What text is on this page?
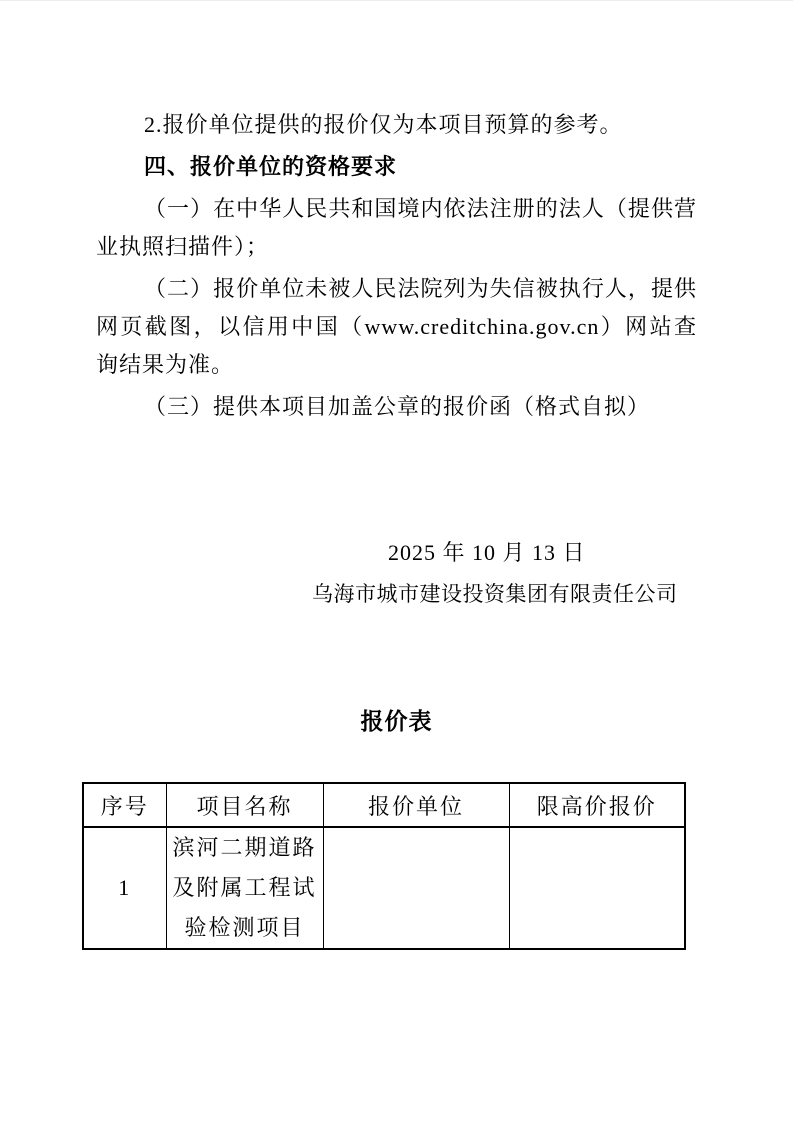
2.报价单位提供的报价仅为本项目预算的参考。

四、报价单位的资格要求

（一）在中华人民共和国境内依法注册的法人（提供营业执照扫描件）；

（二）报价单位未被人民法院列为失信被执行人，提供网页截图，以信用中国（www.creditchina.gov.cn）网站查询结果为准。

（三）提供本项目加盖公章的报价函（格式自拟）

2025 年 10 月 13 日
乌海市城市建设投资集团有限责任公司
报价表
序号	项目名称	报价单位	限高价报价
1	滨河二期道路及附属工程试验检测项目		
